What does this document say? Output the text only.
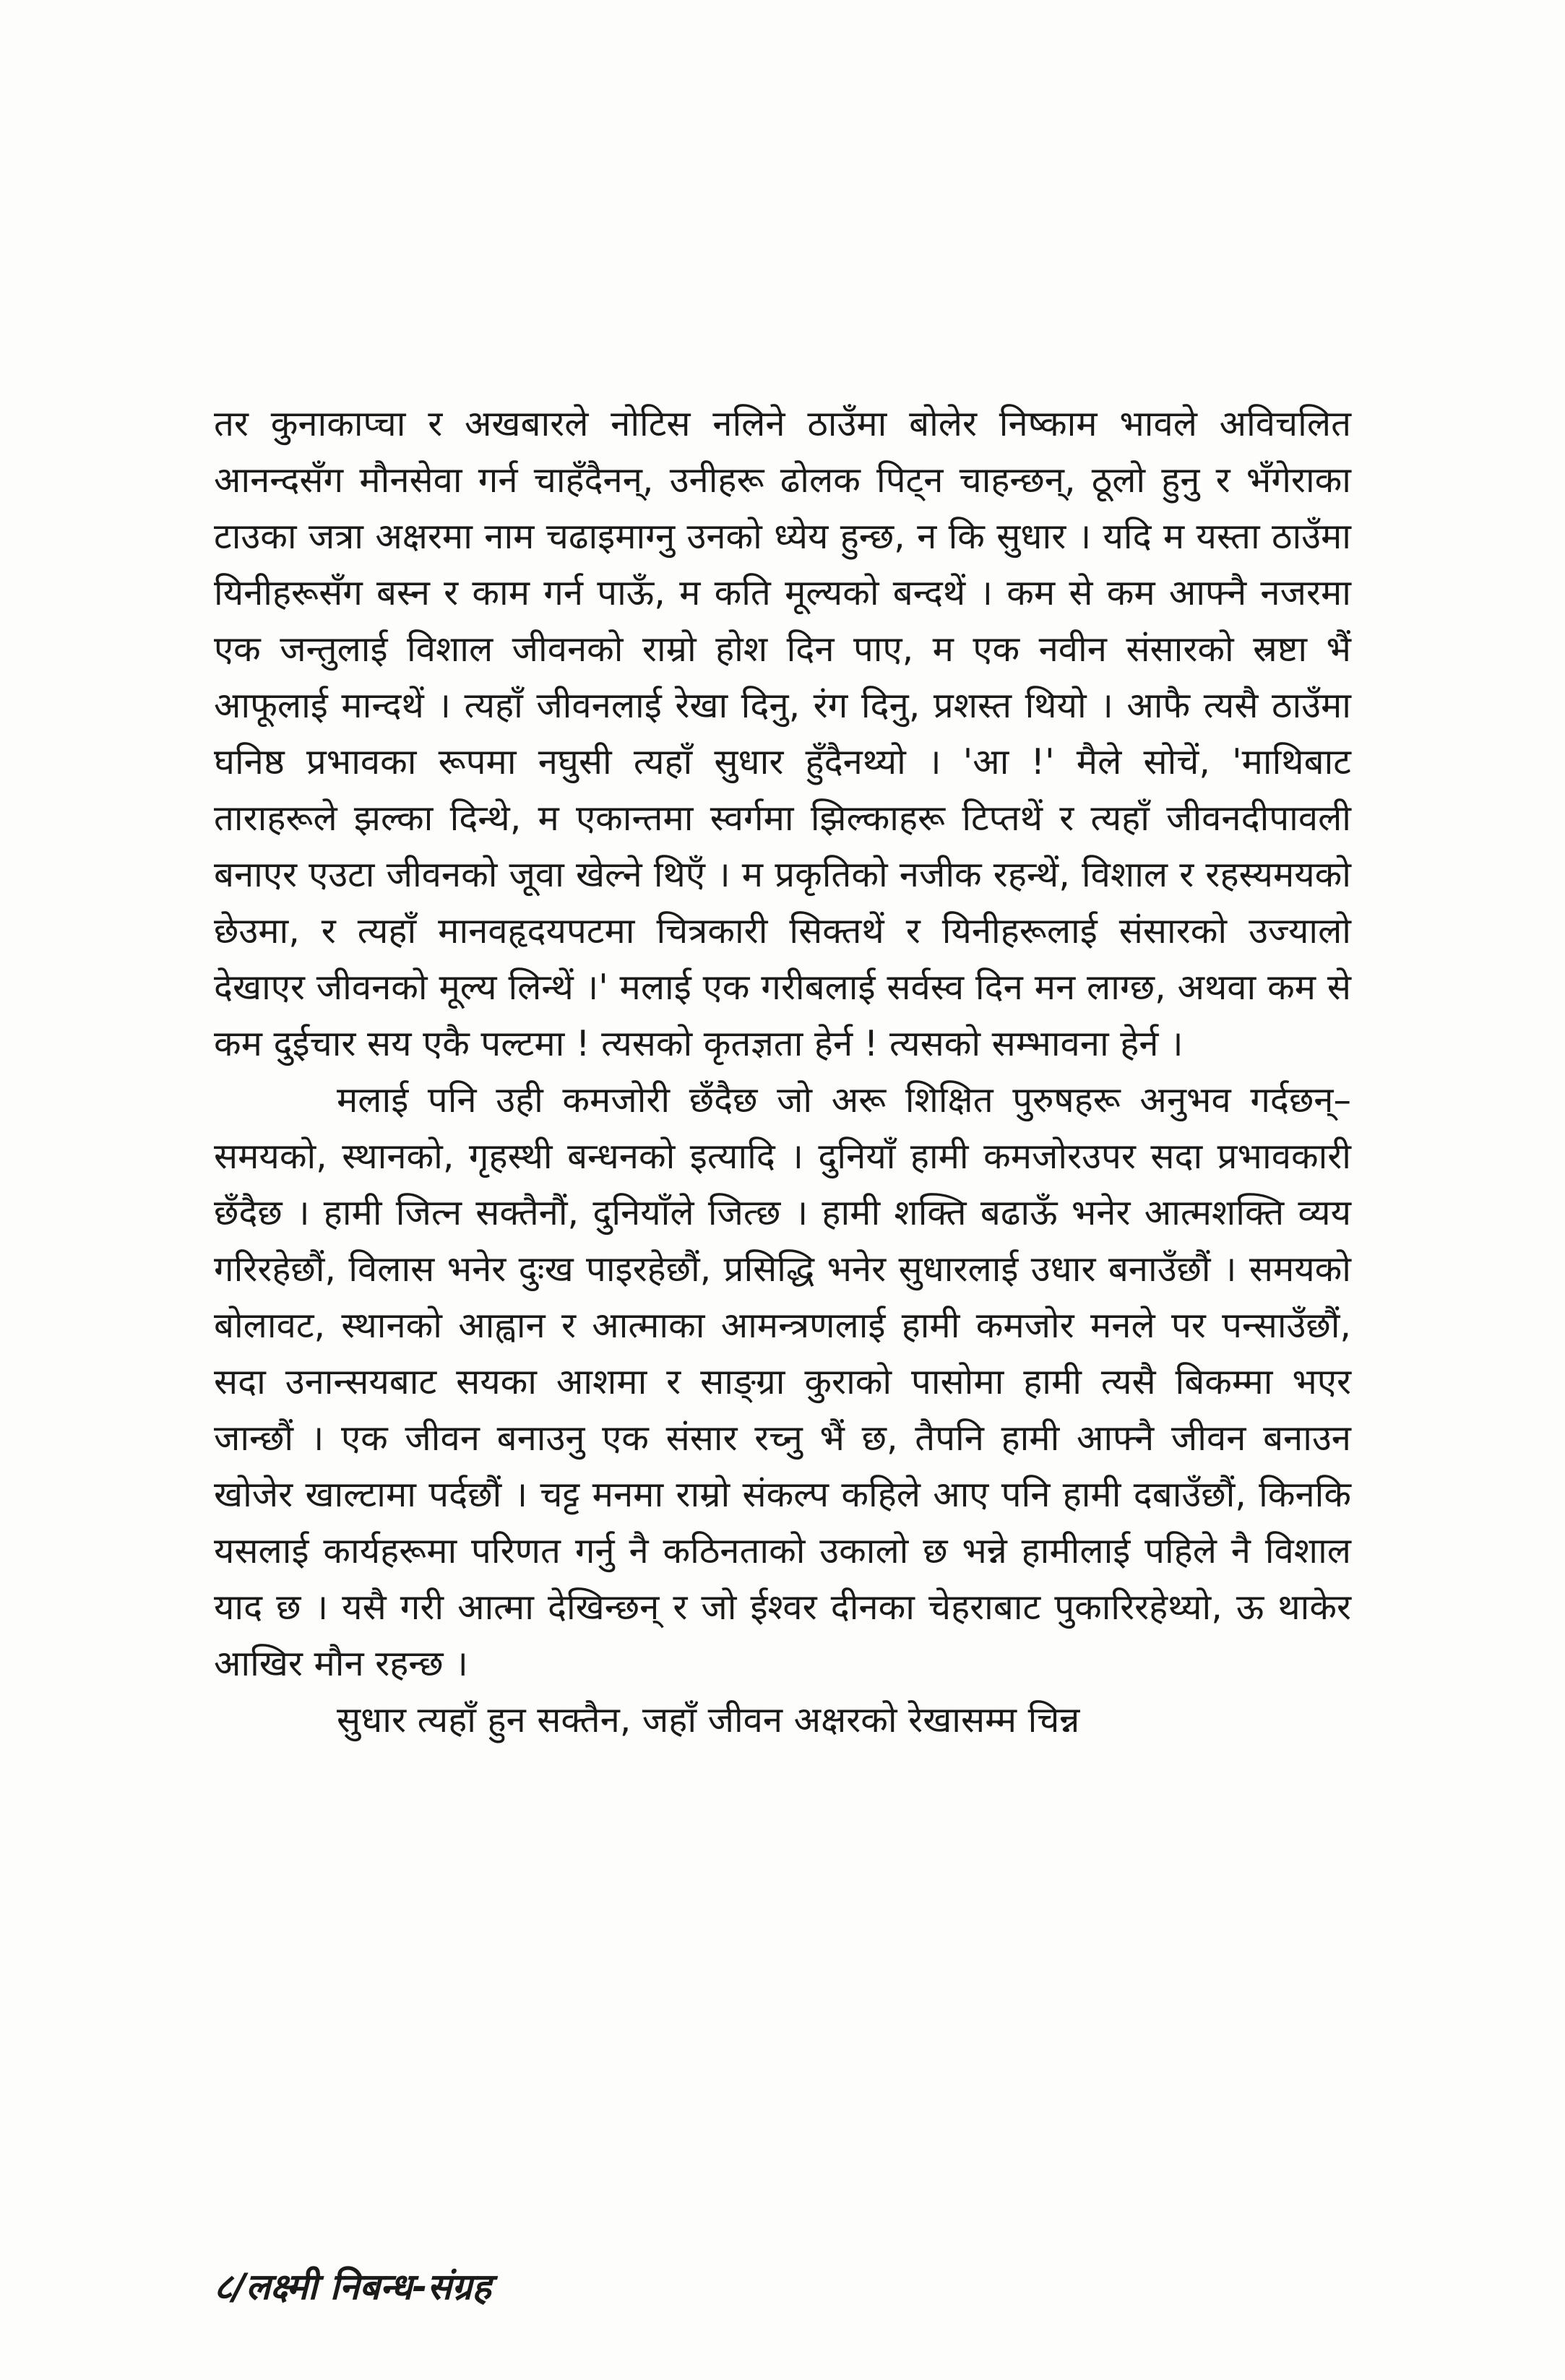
तर कुनाकाप्चा र अखबारले नोटिस नलिने ठाउँमा बोलेर निष्काम भावले अविचलित आनन्दसँग मौनसेवा गर्न चाहँदैनन्, उनीहरू ढोलक पिट्न चाहन्छन्, ठूलो हुनु र भँगेराका टाउका जत्रा अक्षरमा नाम चढाइमाग्नु उनको ध्येय हुन्छ, न कि सुधार । यदि म यस्ता ठाउँमा यिनीहरूसँग बस्न र काम गर्न पाऊँ, म कति मूल्यको बन्दथें । कम से कम आफ्नै नजरमा एक जन्तुलाई विशाल जीवनको राम्रो होश दिन पाए, म एक नवीन संसारको स्रष्टा भैं आफूलाई मान्दथें । त्यहाँ जीवनलाई रेखा दिनु, रंग दिनु, प्रशस्त थियो । आफै त्यसै ठाउँमा घनिष्ठ प्रभावका रूपमा नघुसी त्यहाँ सुधार हुँदैनथ्यो । 'आ !' मैले सोचें, 'माथिबाट ताराहरूले झल्का दिन्थे, म एकान्तमा स्वर्गमा झिल्काहरू टिप्तथें र त्यहाँ जीवनदीपावली बनाएर एउटा जीवनको जूवा खेल्ने थिएँ । म प्रकृतिको नजीक रहन्थें, विशाल र रहस्यमयको छेउमा, र त्यहाँ मानवहृदयपटमा चित्रकारी सिक्तथें र यिनीहरूलाई संसारको उज्यालो देखाएर जीवनको मूल्य लिन्थें ।' मलाई एक गरीबलाई सर्वस्व दिन मन लाग्छ, अथवा कम से कम दुईचार सय एकै पल्टमा ! त्यसको कृतज्ञता हेर्न ! त्यसको सम्भावना हेर्न ।

मलाई पनि उही कमजोरी छँदैछ जो अरू शिक्षित पुरुषहरू अनुभव गर्दछन्–समयको, स्थानको, गृहस्थी बन्धनको इत्यादि । दुनियाँ हामी कमजोरउपर सदा प्रभावकारी छँदैछ । हामी जित्न सक्तैनौं, दुनियाँले जित्छ । हामी शक्ति बढाऊँ भनेर आत्मशक्ति व्यय गरिरहेछौं, विलास भनेर दुःख पाइरहेछौं, प्रसिद्धि भनेर सुधारलाई उधार बनाउँछौं । समयको बोलावट, स्थानको आह्वान र आत्माका आमन्त्रणलाई हामी कमजोर मनले पर पन्साउँछौं, सदा उनान्सयबाट सयका आशमा र साङ्ग्रा कुराको पासोमा हामी त्यसै बिकम्मा भएर जान्छौं । एक जीवन बनाउनु एक संसार रच्नु भैं छ, तैपनि हामी आफ्नै जीवन बनाउन खोजेर खाल्टामा पर्दछौं । चट्ट मनमा राम्रो संकल्प कहिले आए पनि हामी दबाउँछौं, किनकि यसलाई कार्यहरूमा परिणत गर्नु नै कठिनताको उकालो छ भन्ने हामीलाई पहिले नै विशाल याद छ । यसै गरी आत्मा देखिन्छन् र जो ईश्वर दीनका चेहराबाट पुकारिरहेथ्यो, ऊ थाकेर आखिर मौन रहन्छ ।

सुधार त्यहाँ हुन सक्तैन, जहाँ जीवन अक्षरको रेखासम्म चिन्न

८/लक्ष्मी निबन्ध-संग्रह
